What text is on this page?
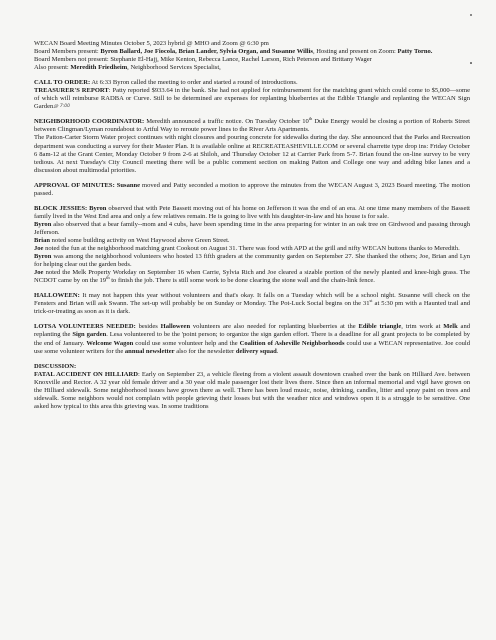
@ 7:00

WECAN Board Meeting Minutes October 5, 2023 hybrid @ MHO and Zoom @ 6:30 pm

Board Members present: Byron Ballard, Joe Fiocola, Brian Lander, Sylvia Organ, and Susanne Willis, Hosting and present on Zoom: Patty Torno.

Board Members not present: Stephanie El-Hajj, Mike Kenton, Rebecca Lance, Rachel Larson, Rich Peterson and Brittany Wager

Also present: Meredith Friedheim, Neighborhood Services Specialist,

CALL TO ORDER: At 6:33 Byron called the meeting to order and started a round of introductions.

TREASURER'S REPORT: Patty reported $933.64 in the bank. She had not applied for reimbursement for the matching grant which could come to $5,000—some of which will reimburse RADBA or Curve. Still to be determined are expenses for replanting blueberries at the Edible Triangle and replanting the WECAN Sign Garden.

NEIGHBORHOOD COORDINATOR: Meredith announced a traffic notice. On Tuesday October 10th Duke Energy would be closing a portion of Roberts Street between Clingman/Lyman roundabout to Artful Way to reroute power lines to the River Arts Apartments.

The Patton-Carter Storm Water project continues with night closures and pouring concrete for sidewalks during the day. She announced that the Parks and Recreation department was conducting a survey for their Master Plan. It is available online at RECREATEASHEVILLE.COM or several charrette type drop ins: Friday October 6 8am-12 at the Grant Center, Monday October 9 from 2-6 at Shiloh, and Thursday October 12 at Carrier Park from 5-7. Brian found the on-line survey to be very tedious. At next Tuesday's City Council meeting there will be a public comment section on making Patton and College one way and adding bike lanes and a discussion about multimodal priorities.

APPROVAL OF MINUTES: Susanne moved and Patty seconded a motion to approve the minutes from the WECAN August 3, 2023 Board meeting. The motion passed.

BLOCK JESSIES: Byron observed that with Pete Bassett moving out of his home on Jefferson it was the end of an era. At one time many members of the Bassett family lived in the West End area and only a few relatives remain. He is going to live with his daughter-in-law and his house is for sale.

Byron also observed that a bear family--mom and 4 cubs, have been spending time in the area preparing for winter in an oak tree on Girdwood and passing through Jefferson.

Brian noted some building activity on West Haywood above Green Street.

Joe noted the fun at the neighborhood matching grant Cookout on August 31. There was food with APD at the grill and nifty WECAN buttons thanks to Meredith.

Byron was among the neighborhood volunteers who hosted 13 fifth graders at the community garden on September 27. She thanked the others; Joe, Brian and Lyn for helping clear out the garden beds.

Joe noted the Melk Property Workday on September 16 when Carrie, Sylvia Rich and Joe cleared a sizable portion of the newly planted and knee-high grass. The NCDOT came by on the 19th to finish the job. There is still some work to be done clearing the stone wall and the chain-link fence.

HALLOWEEN: It may not happen this year without volunteers and that's okay. It falls on a Tuesday which will be a school night. Susanne will check on the Fensters and Brian will ask Swann. The set-up will probably be on Sunday or Monday. The Pot-Luck Social begins on the 31st at 5:30 pm with a Haunted trail and trick-or-treating as soon as it is dark.

LOTSA VOLUNTEERS NEEDED: besides Halloween volunteers are also needed for replanting blueberries at the Edible triangle, trim work at Melk and replanting the Sign garden. Lesa volunteered to be the 'point person; to organize the sign garden effort. There is a deadline for all grant projects to be completed by the end of January. Welcome Wagon could use some volunteer help and the Coalition of Asheville Neighborhoods could use a WECAN representative. Joe could use some volunteer writers for the annual newsletter also for the newsletter delivery squad.

DISCUSSION:

FATAL ACCIDENT ON HILLIARD: Early on September 23, a vehicle fleeing from a violent assault downtown crashed over the bank on Hilliard Ave. between Knoxville and Rector. A 32 year old female driver and a 30 year old male passenger lost their lives there. Since then an informal memorial and vigil have grown on the Hilliard sidewalk. Some neighborhood issues have grown there as well. There has been loud music, noise, drinking, candles, litter and spray paint on trees and sidewalk. Some neighbors would not complain with people grieving their losses but with the weather nice and windows open it is a struggle to be sensitive. One asked how typical to this area this grieving was. In some traditions
